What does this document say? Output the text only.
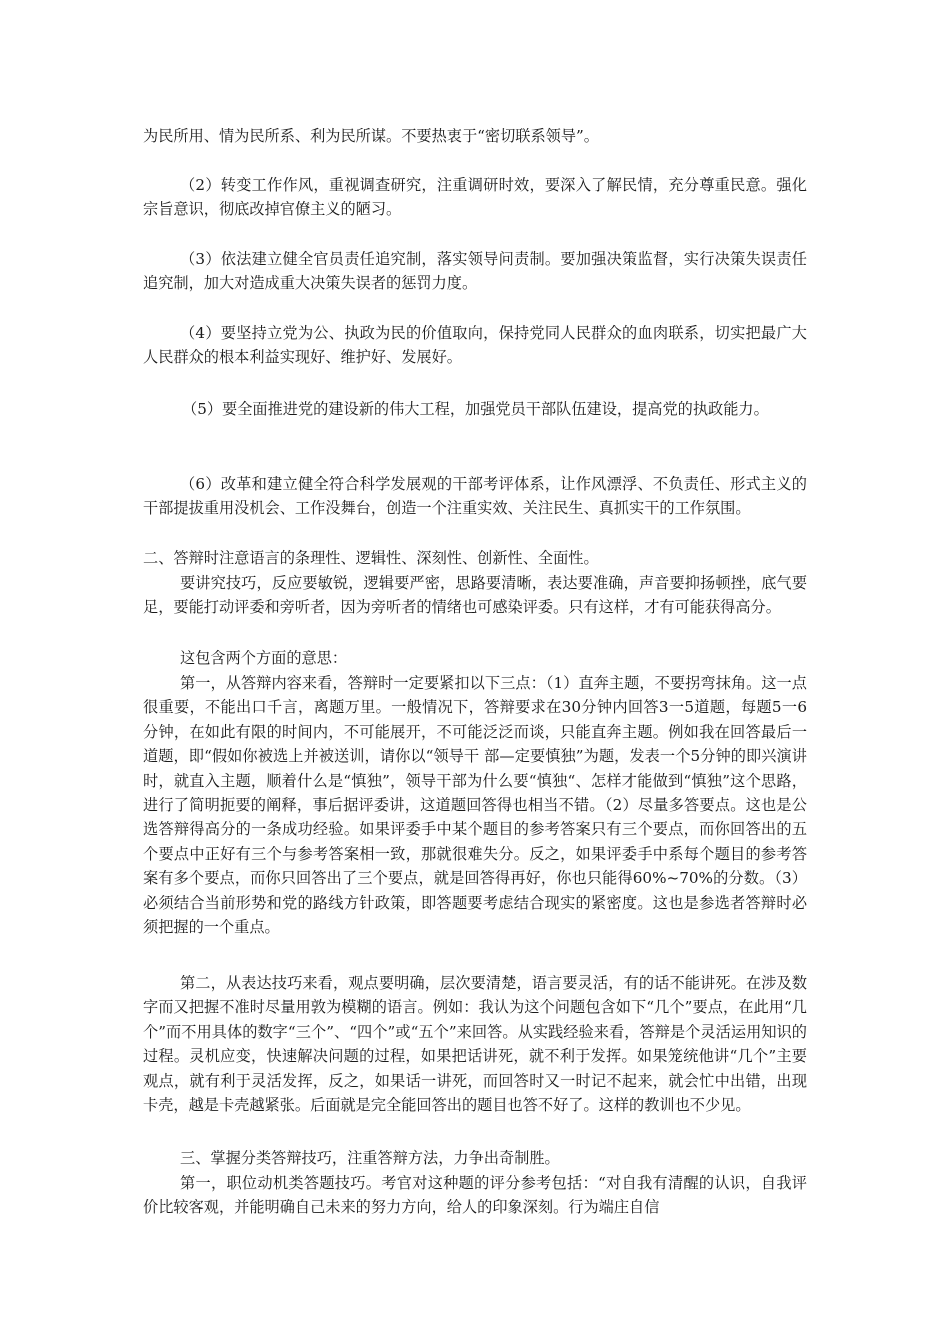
为民所用、情为民所系、利为民所谋。不要热衷于“密切联系领导”。

（2）转变工作作风，重视调查研究，注重调研时效，要深入了解民情，充分尊重民意。强化宗旨意识，彻底改掉官僚主义的陋习。

（3）依法建立健全官员责任追究制，落实领导问责制。要加强决策监督，实行决策失误责任追究制，加大对造成重大决策失误者的惩罚力度。

（4）要坚持立党为公、执政为民的价值取向，保持党同人民群众的血肉联系，切实把最广大人民群众的根本利益实现好、维护好、发展好。

（5）要全面推进党的建设新的伟大工程，加强党员干部队伍建设，提高党的执政能力。

（6）改革和建立健全符合科学发展观的干部考评体系，让作风漂浮、不负责任、形式主义的干部提拔重用没机会、工作没舞台，创造一个注重实效、关注民生、真抓实干的工作氛围。

二、答辩时注意语言的条理性、逻辑性、深刻性、创新性、全面性。

要讲究技巧，反应要敏锐，逻辑要严密，思路要清晰，表达要准确，声音要抑扬顿挫，底气要足，要能打动评委和旁听者，因为旁听者的情绪也可感染评委。只有这样，才有可能获得高分。

这包含两个方面的意思：

第一，从答辩内容来看，答辩时一定要紧扣以下三点：（1）直奔主题，不要拐弯抹角。这一点很重要，不能出口千言，离题万里。一般情况下，答辩要求在30分钟内回答3一5道题，每题5一6分钟，在如此有限的时间内，不可能展开，不可能泛泛而谈，只能直奔主题。例如我在回答最后一道题，即“假如你被选上并被送训，请你以“领导干 部—定要慎独”为题，发表一个5分钟的即兴演讲时，就直入主题，顺着什么是“慎独”，领导干部为什么要“慎独“、怎样才能做到“慎独”这个思路，进行了简明扼要的阐释，事后据评委讲，这道题回答得也相当不错。（2）尽量多答要点。这也是公选答辩得高分的一条成功经验。如果评委手中某个题目的参考答案只有三个要点，而你回答出的五个要点中正好有三个与参考答案相一致，那就很难失分。反之，如果评委手中系每个题目的参考答案有多个要点，而你只回答出了三个要点，就是回答得再好，你也只能得60%~70%的分数。（3）必须结合当前形势和党的路线方针政策，即答题要考虑结合现实的紧密度。这也是参选者答辩时必须把握的一个重点。

第二，从表达技巧来看，观点要明确，层次要清楚，语言要灵活，有的话不能讲死。在涉及数字而又把握不准时尽量用敦为模糊的语言。例如：我认为这个问题包含如下“几个”要点，在此用“几个”而不用具体的数字“三个”、“四个”或“五个”来回答。从实践经验来看，答辩是个灵活运用知识的过程。灵机应变，快速解决问题的过程，如果把话讲死，就不利于发挥。如果笼统他讲“几个”主要观点，就有利于灵活发挥，反之，如果话一讲死，而回答时又一时记不起来，就会忙中出错，出现卡壳，越是卡壳越紧张。后面就是完全能回答出的题目也答不好了。这样的教训也不少见。

三、掌握分类答辩技巧，注重答辩方法，力争出奇制胜。

第一，职位动机类答题技巧。考官对这种题的评分参考包括：“对自我有清醒的认识，自我评价比较客观，并能明确自己未来的努力方向，给人的印象深刻。行为端庄自信
